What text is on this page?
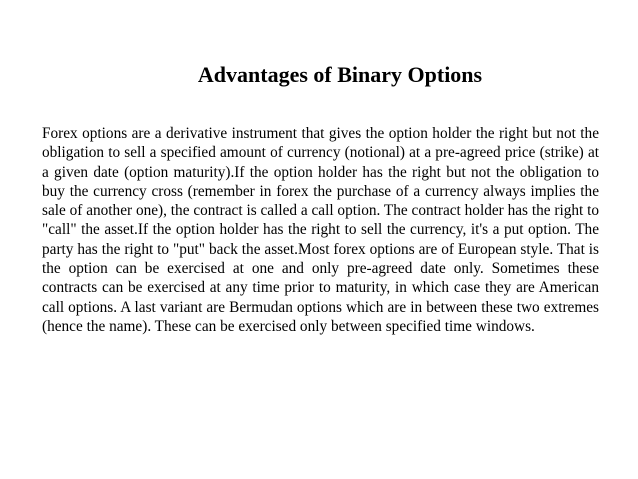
Advantages of Binary Options
Forex options are a derivative instrument that gives the option holder the right but not the obligation to sell a specified amount of currency (notional) at a pre-agreed price (strike) at a given date (option maturity).If the option holder has the right but not the obligation to buy the currency cross (remember in forex the purchase of a currency always implies the sale of another one), the contract is called a call option. The contract holder has the right to "call" the asset.If the option holder has the right to sell the currency, it's a put option. The party has the right to "put" back the asset.Most forex options are of European style. That is the option can be exercised at one and only pre-agreed date only. Sometimes these contracts can be exercised at any time prior to maturity, in which case they are American call options. A last variant are Bermudan options which are in between these two extremes (hence the name). These can be exercised only between specified time windows.
